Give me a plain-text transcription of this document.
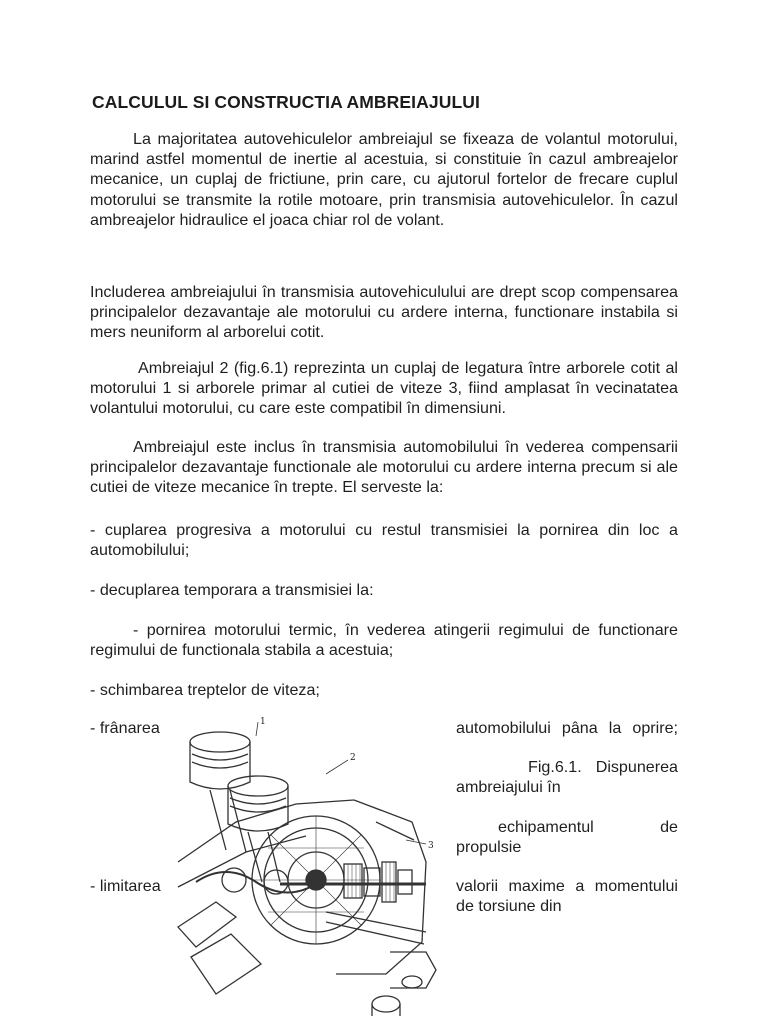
CALCULUL SI CONSTRUCTIA AMBREIAJULUI

La majoritatea autovehiculelor ambreiajul se fixeaza de volantul motorului, marind astfel momentul de inertie al acestuia, si constituie în cazul ambreajelor mecanice, un cuplaj de frictiune, prin care, cu ajutorul fortelor de frecare cuplul motorului se transmite la rotile motoare, prin transmisia autovehiculelor. În cazul ambreajelor hidraulice el joaca chiar rol de volant.

Includerea ambreiajului în transmisia autovehiculului are drept scop compensarea principalelor dezavantaje ale motorului cu ardere interna, functionare instabila si mers neuniform al arborelui cotit.

Ambreiajul 2 (fig.6.1) reprezinta un cuplaj de legatura între arborele cotit al motorului 1 si arborele primar al cutiei de viteze 3, fiind amplasat în vecinatatea volantului motorului, cu care este compatibil în dimensiuni.

Ambreiajul este inclus în transmisia automobilului în vederea compensarii principalelor dezavantaje functionale ale motorului cu ardere interna precum si ale cutiei de viteze mecanice în trepte. El serveste la:

- cuplarea progresiva a motorului cu restul transmisiei la pornirea din loc a automobilului;

- decuplarea temporara a transmisiei la:

- pornirea motorului termic, în vederea atingerii regimului de functionare regimului de functionala stabila a acestuia;

- schimbarea treptelor de viteza;

- frânarea	automobilului pâna la oprire;

Fig.6.1. Dispunerea ambreiajului în

echipamentul de propulsie

- limitarea	valorii maxime a momentului de torsiune din

1
2
3
